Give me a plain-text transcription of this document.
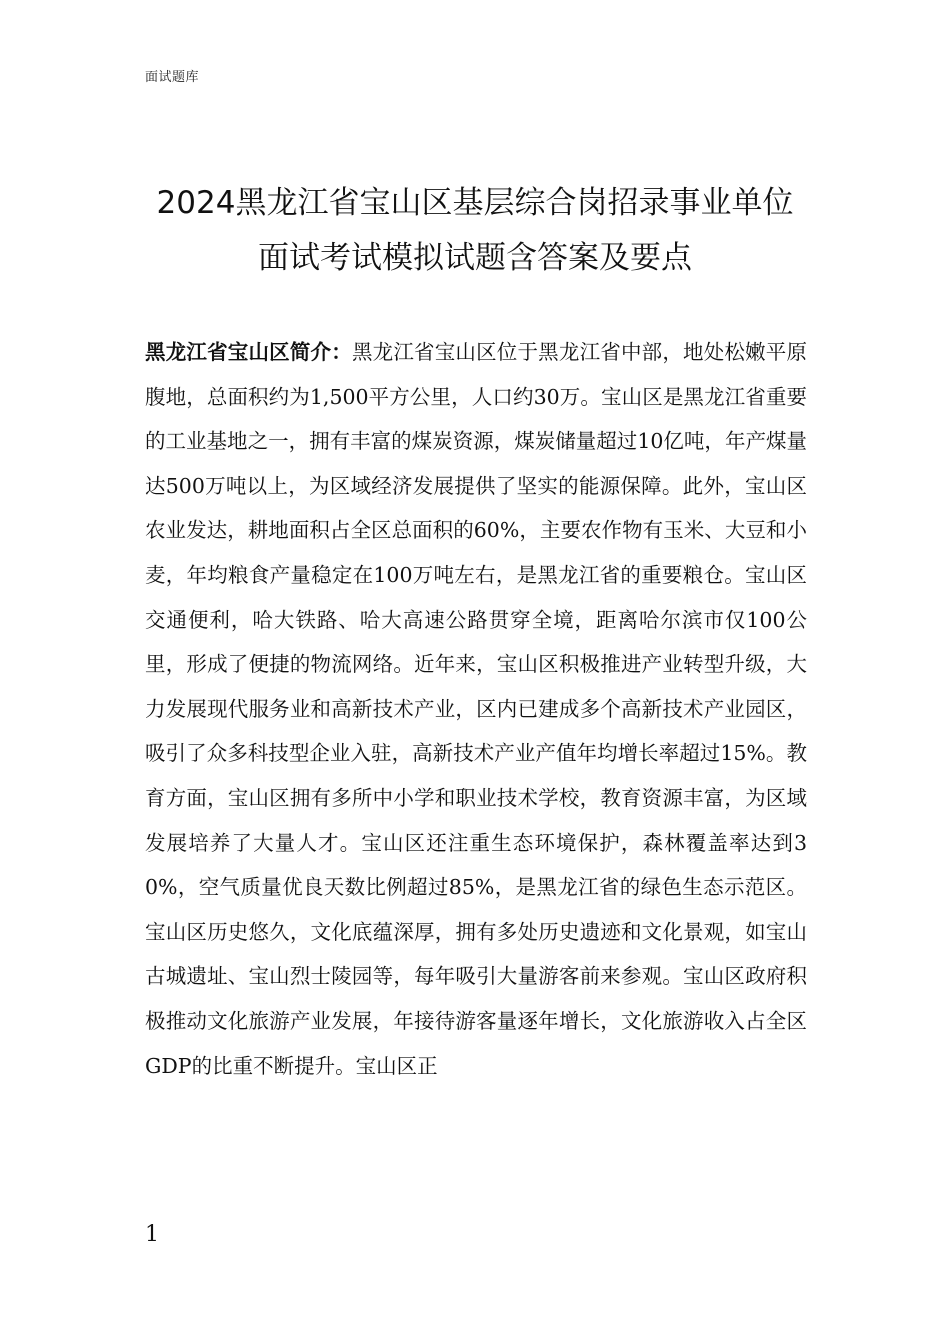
面试题库
2024黑龙江省宝山区基层综合岗招录事业单位
面试考试模拟试题含答案及要点

黑龙江省宝山区简介：黑龙江省宝山区位于黑龙江省中部，地处松嫩平原腹地，总面积约为1,500平方公里，人口约30万。宝山区是黑龙江省重要的工业基地之一，拥有丰富的煤炭资源，煤炭储量超过10亿吨，年产煤量达500万吨以上，为区域经济发展提供了坚实的能源保障。此外，宝山区农业发达，耕地面积占全区总面积的60%，主要农作物有玉米、大豆和小麦，年均粮食产量稳定在100万吨左右，是黑龙江省的重要粮仓。宝山区交通便利，哈大铁路、哈大高速公路贯穿全境，距离哈尔滨市仅100公里，形成了便捷的物流网络。近年来，宝山区积极推进产业转型升级，大力发展现代服务业和高新技术产业，区内已建成多个高新技术产业园区，吸引了众多科技型企业入驻，高新技术产业产值年均增长率超过15%。教育方面，宝山区拥有多所中小学和职业技术学校，教育资源丰富，为区域发展培养了大量人才。宝山区还注重生态环境保护，森林覆盖率达到30%，空气质量优良天数比例超过85%，是黑龙江省的绿色生态示范区。宝山区历史悠久，文化底蕴深厚，拥有多处历史遗迹和文化景观，如宝山古城遗址、宝山烈士陵园等，每年吸引大量游客前来参观。宝山区政府积极推动文化旅游产业发展，年接待游客量逐年增长，文化旅游收入占全区GDP的比重不断提升。宝山区正

1
